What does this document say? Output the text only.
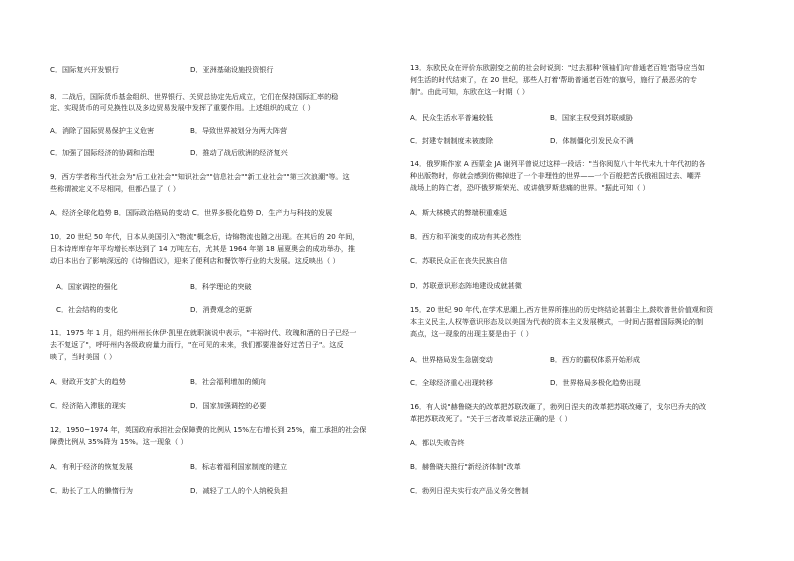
C．国际复兴开发银行	D．亚洲基础设施投资银行
8．二战后，国际货币基金组织、世界银行、关贸总协定先后成立，它们在保持国际汇率的稳
定、实现货币的可兑换性以及多边贸易发展中发挥了重要作用。上述组织的成立（ ）
A．消除了国际贸易保护主义危害	B．导致世界被划分为两大阵营
C．加强了国际经济的协调和治理	D．推动了战后欧洲的经济复兴
9．西方学者称当代社会为"后工业社会""知识社会""信息社会""新工业社会""第三次浪潮"等。这
些称谓被定义不尽相同，但都凸显了（ ）
A．经济全球化趋势 B．国际政治格局的变动 C．世界多极化趋势 D．生产力与科技的发展
10．20 世纪 50 年代，日本从美国引入"物流"概念后，诗锦物流也随之出现。在其后的 20 年间，
日本诗库库存年平均增长率达到了 14 万吨左右，尤其是 1964 年第 18 届夏奥会的成功举办，推
动日本出台了影响深远的《诗锦倡议》，迎来了便利店和餐饮等行业的大发展。这反映出（ ）
A．国家调控的强化	B．科学理论的突破
C．社会结构的变化	D．消费观念的更新
11．1975 年 1 月，纽约州州长休伊·凯里在就职演说中表示，"丰裕时代、玫瑰和酒的日子已经一
去不复返了"，呼吁州内各级政府量力而行，"在可见的未来，我们都要准备好过苦日子"。这反
映了，当时美国（ ）
A．财政开支扩大的趋势	B．社会福利增加的倾向
C．经济陷入滞胀的现实	D．国家加强调控的必要
12．1950~1974 年，英国政府承担社会保障费的比例从 15%左右增长到 25%，雇工承担的社会保
障费比例从 35%降为 15%。这一现象（ ）
A．有利于经济的恢复发展	B．标志着福利国家制度的建立
C．助长了工人的懒惰行为	D．减轻了工人的个人纳税负担
13．东欧民众在评价东欧剧变之前的社会时说到："过去那种'领袖们向'普通老百姓'指导应当如
何生活的时代结束了，在 20 世纪，那些人打着'帮助普通老百姓'的旗号，施行了最恶劣的专
制"。由此可知，东欧在这一时期（ ）
A．民众生活水平普遍较低	B．国家主权受到苏联威胁
C．封建专制制度未被废除	D．体制僵化引发民众不满
14．俄罗斯作家 A 西蒙金 JA 谢列平曾说过这样一段话："当你阅览八十年代末九十年代初的各
种出版物时，你就会感到仿佛掉进了一个非理性的世界——一个百般把苦氏俄祖国过去、嘲弄
战场上的阵亡者，恐吓俄罗斯荣光、或讲俄罗斯悲痛的世界。"据此可知（ ）
A．斯大林模式的弊端积重难返
B．西方和平演变的成功有其必然性
C．苏联民众正在丧失民族自信
D．苏联意识形态阵地建设成就甚微
15．20 世纪 90 年代,在学术思潮上,西方世界所推出的历史终结论甚嚣尘上,鼓吹普世价值观和资
本主义民主,人权等意识形态及以美国为代表的资本主义发展模式，一时间占据着国际舆论的制
高点，这一现象的出现主要是由于（ ）
A．世界格局发生急剧变动	B．西方的霸权体系开始形成
C．全球经济重心出现转移	D．世界格局多极化趋势出现
16．有人说"赫鲁晓夫的改革把苏联改砸了，勃列日涅夫的改革把苏联改瘫了，戈尔巴乔夫的改
革把苏联改死了。"关于三者改革说法正确的是（ ）
A．都以失败告终
B．赫鲁晓夫推行"新经济体制"改革
C．勃列日涅夫实行农产品义务交售制
